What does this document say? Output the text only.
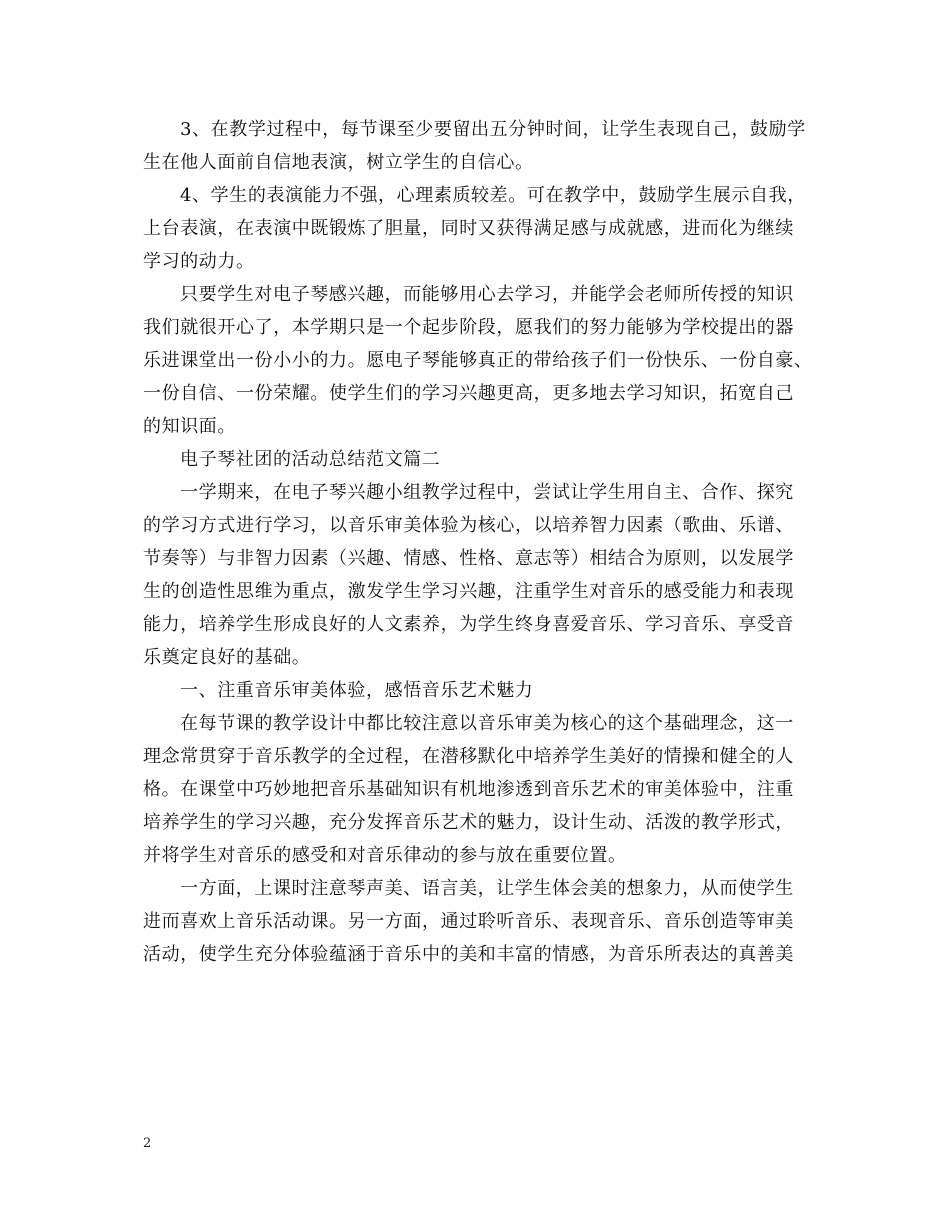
3、在教学过程中，每节课至少要留出五分钟时间，让学生表现自己，鼓励学
生在他人面前自信地表演，树立学生的自信心。
4、学生的表演能力不强，心理素质较差。可在教学中，鼓励学生展示自我，
上台表演，在表演中既锻炼了胆量，同时又获得满足感与成就感，进而化为继续
学习的动力。
只要学生对电子琴感兴趣，而能够用心去学习，并能学会老师所传授的知识
我们就很开心了，本学期只是一个起步阶段，愿我们的努力能够为学校提出的器
乐进课堂出一份小小的力。愿电子琴能够真正的带给孩子们一份快乐、一份自豪、
一份自信、一份荣耀。使学生们的学习兴趣更高，更多地去学习知识，拓宽自己
的知识面。
电子琴社团的活动总结范文篇二
一学期来，在电子琴兴趣小组教学过程中，尝试让学生用自主、合作、探究
的学习方式进行学习，以音乐审美体验为核心，以培养智力因素（歌曲、乐谱、
节奏等）与非智力因素（兴趣、情感、性格、意志等）相结合为原则，以发展学
生的创造性思维为重点，激发学生学习兴趣，注重学生对音乐的感受能力和表现
能力，培养学生形成良好的人文素养，为学生终身喜爱音乐、学习音乐、享受音
乐奠定良好的基础。
一、注重音乐审美体验，感悟音乐艺术魅力
在每节课的教学设计中都比较注意以音乐审美为核心的这个基础理念，这一
理念常贯穿于音乐教学的全过程，在潜移默化中培养学生美好的情操和健全的人
格。在课堂中巧妙地把音乐基础知识有机地渗透到音乐艺术的审美体验中，注重
培养学生的学习兴趣，充分发挥音乐艺术的魅力，设计生动、活泼的教学形式，
并将学生对音乐的感受和对音乐律动的参与放在重要位置。
一方面，上课时注意琴声美、语言美，让学生体会美的想象力，从而使学生
进而喜欢上音乐活动课。另一方面，通过聆听音乐、表现音乐、音乐创造等审美
活动，使学生充分体验蕴涵于音乐中的美和丰富的情感，为音乐所表达的真善美
2
